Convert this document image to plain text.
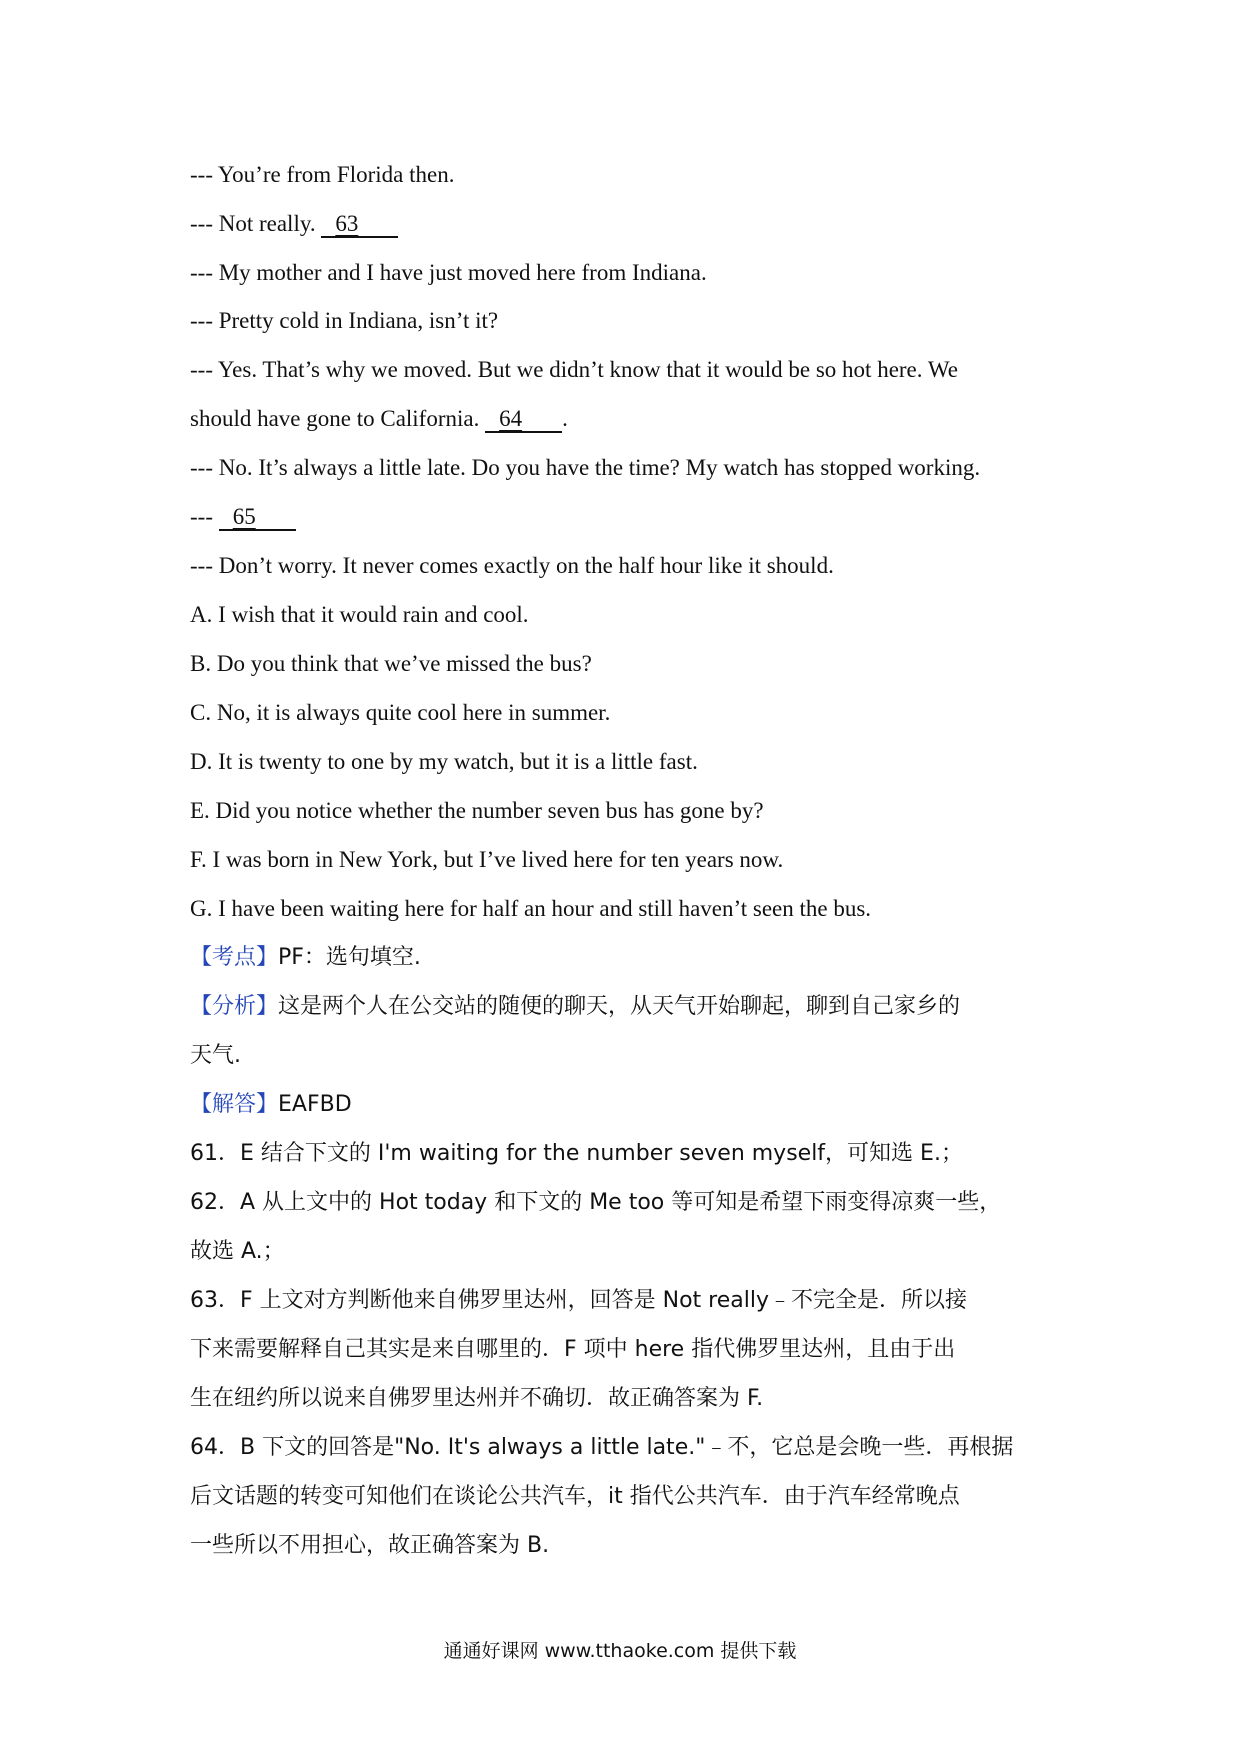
--- You’re from Florida then.
--- Not really. 63
--- My mother and I have just moved here from Indiana.
--- Pretty cold in Indiana, isn’t it?
--- Yes. That’s why we moved. But we didn’t know that it would be so hot here. We
should have gone to California. 64 .
--- No. It’s always a little late. Do you have the time? My watch has stopped working.
--- 65
--- Don’t worry. It never comes exactly on the half hour like it should.
A. I wish that it would rain and cool.
B. Do you think that we’ve missed the bus?
C. No, it is always quite cool here in summer.
D. It is twenty to one by my watch, but it is a little fast.
E. Did you notice whether the number seven bus has gone by?
F. I was born in New York, but I’ve lived here for ten years now.
G. I have been waiting here for half an hour and still haven’t seen the bus.
【考点】PF：选句填空.
【分析】这是两个人在公交站的随便的聊天，从天气开始聊起，聊到自己家乡的
天气.
【解答】EAFBD
61．E 结合下文的 I'm waiting for the number seven myself，可知选 E.；
62．A 从上文中的 Hot today 和下文的 Me too 等可知是希望下雨变得凉爽一些，
故选 A.；
63．F 上文对方判断他来自佛罗里达州，回答是 Not really﹣不完全是．所以接
下来需要解释自己其实是来自哪里的．F 项中 here 指代佛罗里达州，且由于出
生在纽约所以说来自佛罗里达州并不确切．故正确答案为 F.
64．B 下文的回答是"No. It's always a little late."﹣不，它总是会晚一些．再根据
后文话题的转变可知他们在谈论公共汽车，it 指代公共汽车．由于汽车经常晚点
一些所以不用担心，故正确答案为 B.
通通好课网 www.tthaoke.com 提供下载
